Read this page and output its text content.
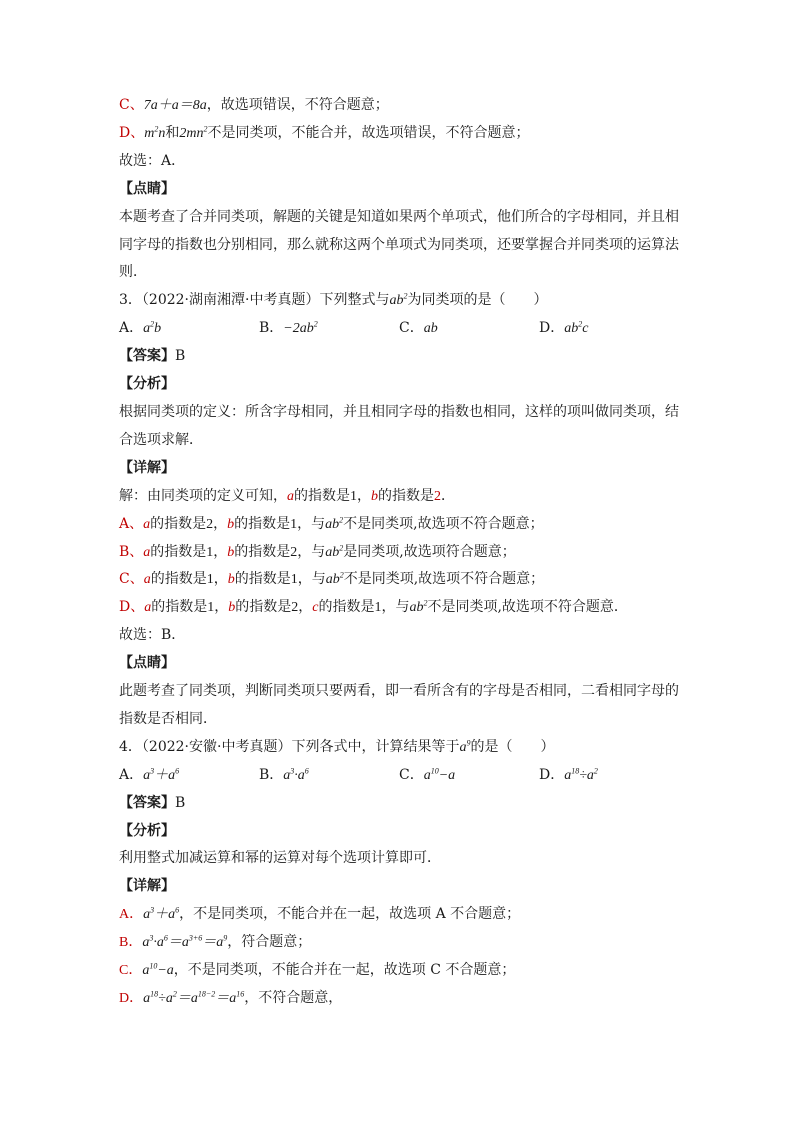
C、7a＋a＝8a，故选项错误，不符合题意；
D、$m^2n$和$2mn^2$不是同类项，不能合并，故选项错误，不符合题意；
故选：A．
【点睛】
本题考查了合并同类项，解题的关键是知道如果两个单项式，他们所合的字母相同，并且相同字母的指数也分别相同，那么就称这两个单项式为同类项，还要掌握合并同类项的运算法则．
3．（2022·湖南湘潭·中考真题）下列整式与$ab^2$为同类项的是（　　）
A．$a^2b$	B．$-2ab^2$	C．ab	D．$ab^2c$
【答案】B
【分析】
根据同类项的定义：所含字母相同，并且相同字母的指数也相同，这样的项叫做同类项，结合选项求解．
【详解】
解：由同类项的定义可知，a的指数是1，b的指数是2．
A、a的指数是2，b的指数是1，与$ab^2$不是同类项,故选项不符合题意；
B、a的指数是1，b的指数是2，与$ab^2$是同类项,故选项符合题意；
C、a的指数是1，b的指数是1，与$ab^2$不是同类项,故选项不符合题意；
D、a的指数是1，b的指数是2，c的指数是1，与$ab^2$不是同类项,故选项不符合题意．
故选：B．
【点睛】
此题考查了同类项，判断同类项只要两看，即一看所含有的字母是否相同，二看相同字母的指数是否相同．
4．（2022·安徽·中考真题）下列各式中，计算结果等于$a^9$的是（　　）
A．$a^3+a^6$	B．$a^3\cdot a^6$	C．$a^{10}-a$	D．$a^{18}\div a^2$
【答案】B
【分析】
利用整式加减运算和幂的运算对每个选项计算即可．
【详解】
A．$a^3+a^6$，不是同类项，不能合并在一起，故选项 A 不合题意；
B．$a^3\cdot a^6=a^{3+6}=a^9$，符合题意；
C．$a^{10}-a$，不是同类项，不能合并在一起，故选项 C 不合题意；
D．$a^{18}\div a^2=a^{18-2}=a^{16}$，不符合题意，
